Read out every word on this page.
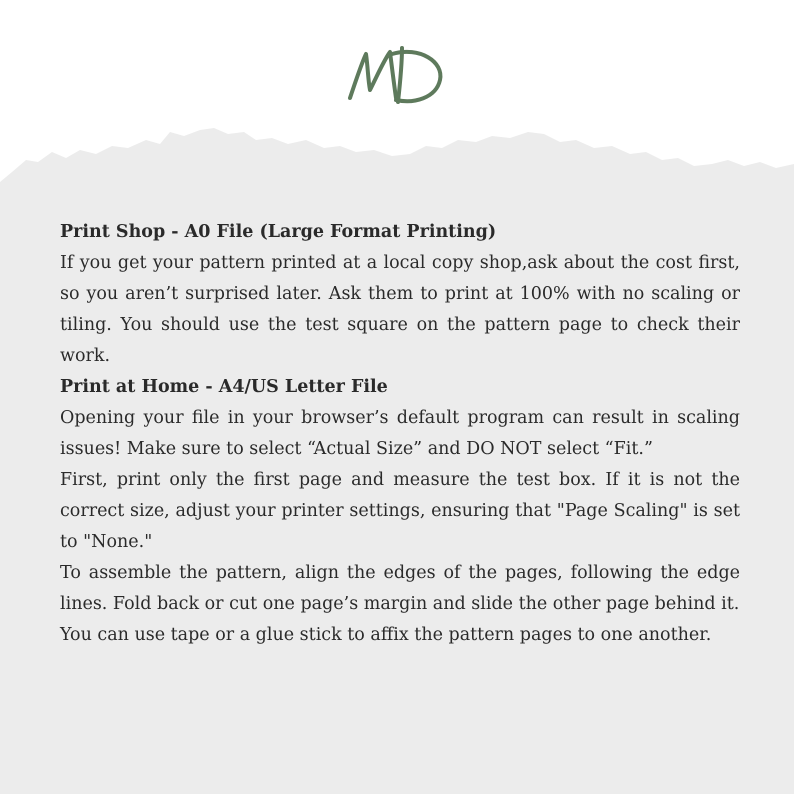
Print Shop - A0 File (Large Format Printing)

If you get your pattern printed at a local copy shop,ask about the cost first, so you aren’t surprised later. Ask them to print at 100% with no scaling or tiling. You should use the test square on the pattern page to check their work.

Print at Home - A4/US Letter File

Opening your file in your browser’s default program can result in scaling issues! Make sure to select “Actual Size” and DO NOT select “Fit.”

First, print only the first page and measure the test box. If it is not the correct size, adjust your printer settings, ensuring that "Page Scaling" is set to "None."

To assemble the pattern, align the edges of the pages, following the edge lines. Fold back or cut one page’s margin and slide the other page behind it.

You can use tape or a glue stick to affix the pattern pages to one another.
